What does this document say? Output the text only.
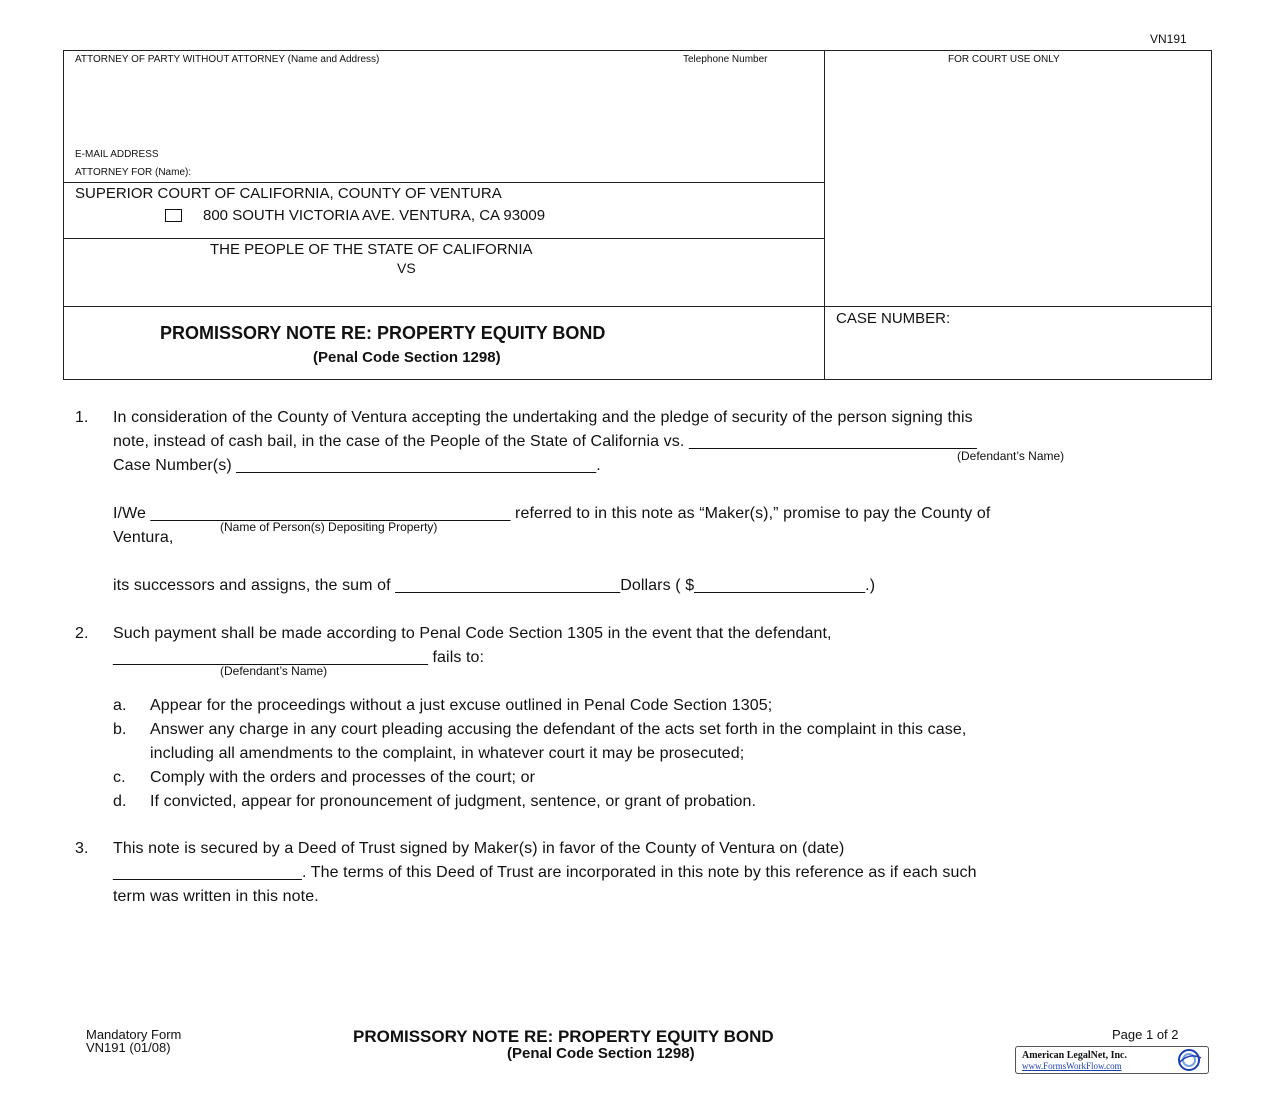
VN191
ATTORNEY OF PARTY WITHOUT ATTORNEY (Name and Address)	Telephone Number	FOR COURT USE ONLY
E-MAIL ADDRESS
ATTORNEY FOR (Name):
SUPERIOR COURT OF CALIFORNIA, COUNTY OF VENTURA
800 SOUTH VICTORIA AVE. VENTURA, CA 93009
THE PEOPLE OF THE STATE OF CALIFORNIA
VS
PROMISSORY NOTE RE: PROPERTY EQUITY BOND
(Penal Code Section 1298)
CASE NUMBER:
1. In consideration of the County of Ventura accepting the undertaking and the pledge of security of the person signing this
note, instead of cash bail, in the case of the People of the State of California vs. ________________________________
(Defendant’s Name)
Case Number(s) ________________________________________.
I/We ________________________________________ referred to in this note as “Maker(s),” promise to pay the County of
(Name of Person(s) Depositing Property)
Ventura,
its successors and assigns, the sum of _________________________Dollars ( $___________________.)
2. Such payment shall be made according to Penal Code Section 1305 in the event that the defendant,
___________________________________ fails to:
(Defendant’s Name)
a. Appear for the proceedings without a just excuse outlined in Penal Code Section 1305;
b. Answer any charge in any court pleading accusing the defendant of the acts set forth in the complaint in this case,
including all amendments to the complaint, in whatever court it may be prosecuted;
c. Comply with the orders and processes of the court; or
d. If convicted, appear for pronouncement of judgment, sentence, or grant of probation.
3. This note is secured by a Deed of Trust signed by Maker(s) in favor of the County of Ventura on (date)
_____________________. The terms of this Deed of Trust are incorporated in this note by this reference as if each such
term was written in this note.
Mandatory Form
VN191 (01/08)
PROMISSORY NOTE RE: PROPERTY EQUITY BOND
(Penal Code Section 1298)
Page 1 of 2
American LegalNet, Inc.
www.FormsWorkFlow.com
